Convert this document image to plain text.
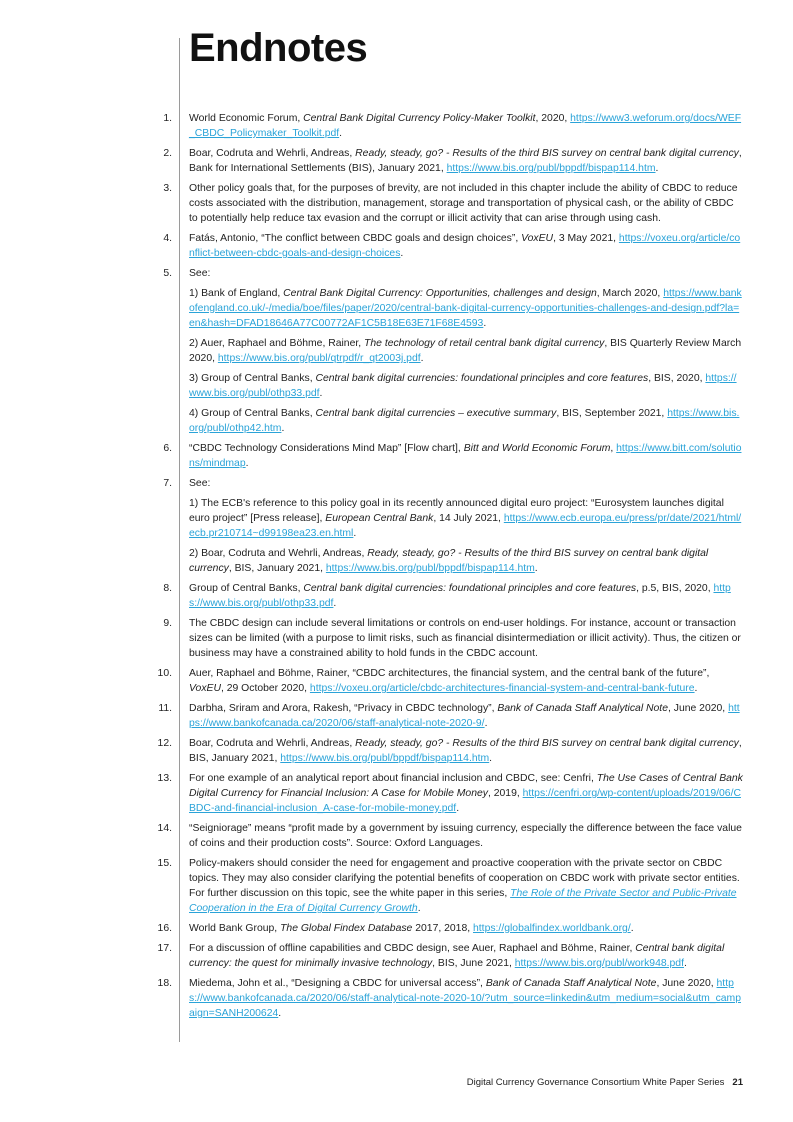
Endnotes
1. World Economic Forum, Central Bank Digital Currency Policy-Maker Toolkit, 2020, https://www3.weforum.org/docs/WEF_CBDC_Policymaker_Toolkit.pdf.
2. Boar, Codruta and Wehrli, Andreas, Ready, steady, go? - Results of the third BIS survey on central bank digital currency, Bank for International Settlements (BIS), January 2021, https://www.bis.org/publ/bppdf/bispap114.htm.
3. Other policy goals that, for the purposes of brevity, are not included in this chapter include the ability of CBDC to reduce costs associated with the distribution, management, storage and transportation of physical cash, or the ability of CBDC to potentially help reduce tax evasion and the corrupt or illicit activity that can arise through using cash.
4. Fatás, Antonio, “The conflict between CBDC goals and design choices”, VoxEU, 3 May 2021, https://voxeu.org/article/conflict-between-cbdc-goals-and-design-choices.
5. See:
1) Bank of England, Central Bank Digital Currency: Opportunities, challenges and design, March 2020, https://www.bankofengland.co.uk/-/media/boe/files/paper/2020/central-bank-digital-currency-opportunities-challenges-and-design.pdf?la=en&hash=DFAD18646A77C00772AF1C5B18E63E71F68E4593.
2) Auer, Raphael and Böhme, Rainer, The technology of retail central bank digital currency, BIS Quarterly Review March 2020, https://www.bis.org/publ/qtrpdf/r_qt2003j.pdf.
3) Group of Central Banks, Central bank digital currencies: foundational principles and core features, BIS, 2020, https://www.bis.org/publ/othp33.pdf.
4) Group of Central Banks, Central bank digital currencies – executive summary, BIS, September 2021, https://www.bis.org/publ/othp42.htm.
6. “CBDC Technology Considerations Mind Map” [Flow chart], Bitt and World Economic Forum, https://www.bitt.com/solutions/mindmap.
7. See:
1) The ECB's reference to this policy goal in its recently announced digital euro project: “Eurosystem launches digital euro project” [Press release], European Central Bank, 14 July 2021, https://www.ecb.europa.eu/press/pr/date/2021/html/ecb.pr210714~d99198ea23.en.html.
2) Boar, Codruta and Wehrli, Andreas, Ready, steady, go? - Results of the third BIS survey on central bank digital currency, BIS, January 2021, https://www.bis.org/publ/bppdf/bispap114.htm.
8. Group of Central Banks, Central bank digital currencies: foundational principles and core features, p.5, BIS, 2020, https://www.bis.org/publ/othp33.pdf.
9. The CBDC design can include several limitations or controls on end-user holdings. For instance, account or transaction sizes can be limited (with a purpose to limit risks, such as financial disintermediation or illicit activity). Thus, the citizen or business may have a constrained ability to hold funds in the CBDC account.
10. Auer, Raphael and Böhme, Rainer, “CBDC architectures, the financial system, and the central bank of the future”, VoxEU, 29 October 2020, https://voxeu.org/article/cbdc-architectures-financial-system-and-central-bank-future.
11. Darbha, Sriram and Arora, Rakesh, “Privacy in CBDC technology”, Bank of Canada Staff Analytical Note, June 2020, https://www.bankofcanada.ca/2020/06/staff-analytical-note-2020-9/.
12. Boar, Codruta and Wehrli, Andreas, Ready, steady, go? - Results of the third BIS survey on central bank digital currency, BIS, January 2021, https://www.bis.org/publ/bppdf/bispap114.htm.
13. For one example of an analytical report about financial inclusion and CBDC, see: Cenfri, The Use Cases of Central Bank Digital Currency for Financial Inclusion: A Case for Mobile Money, 2019, https://cenfri.org/wp-content/uploads/2019/06/CBDC-and-financial-inclusion_A-case-for-mobile-money.pdf.
14. “Seigniorage” means “profit made by a government by issuing currency, especially the difference between the face value of coins and their production costs”. Source: Oxford Languages.
15. Policy-makers should consider the need for engagement and proactive cooperation with the private sector on CBDC topics. They may also consider clarifying the potential benefits of cooperation on CBDC work with private sector entities. For further discussion on this topic, see the white paper in this series, The Role of the Private Sector and Public-Private Cooperation in the Era of Digital Currency Growth.
16. World Bank Group, The Global Findex Database 2017, 2018, https://globalfindex.worldbank.org/.
17. For a discussion of offline capabilities and CBDC design, see Auer, Raphael and Böhme, Rainer, Central bank digital currency: the quest for minimally invasive technology, BIS, June 2021, https://www.bis.org/publ/work948.pdf.
18. Miedema, John et al., “Designing a CBDC for universal access”, Bank of Canada Staff Analytical Note, June 2020, https://www.bankofcanada.ca/2020/06/staff-analytical-note-2020-10/?utm_source=linkedin&utm_medium=social&utm_campaign=SANH200624.
Digital Currency Governance Consortium White Paper Series 21
